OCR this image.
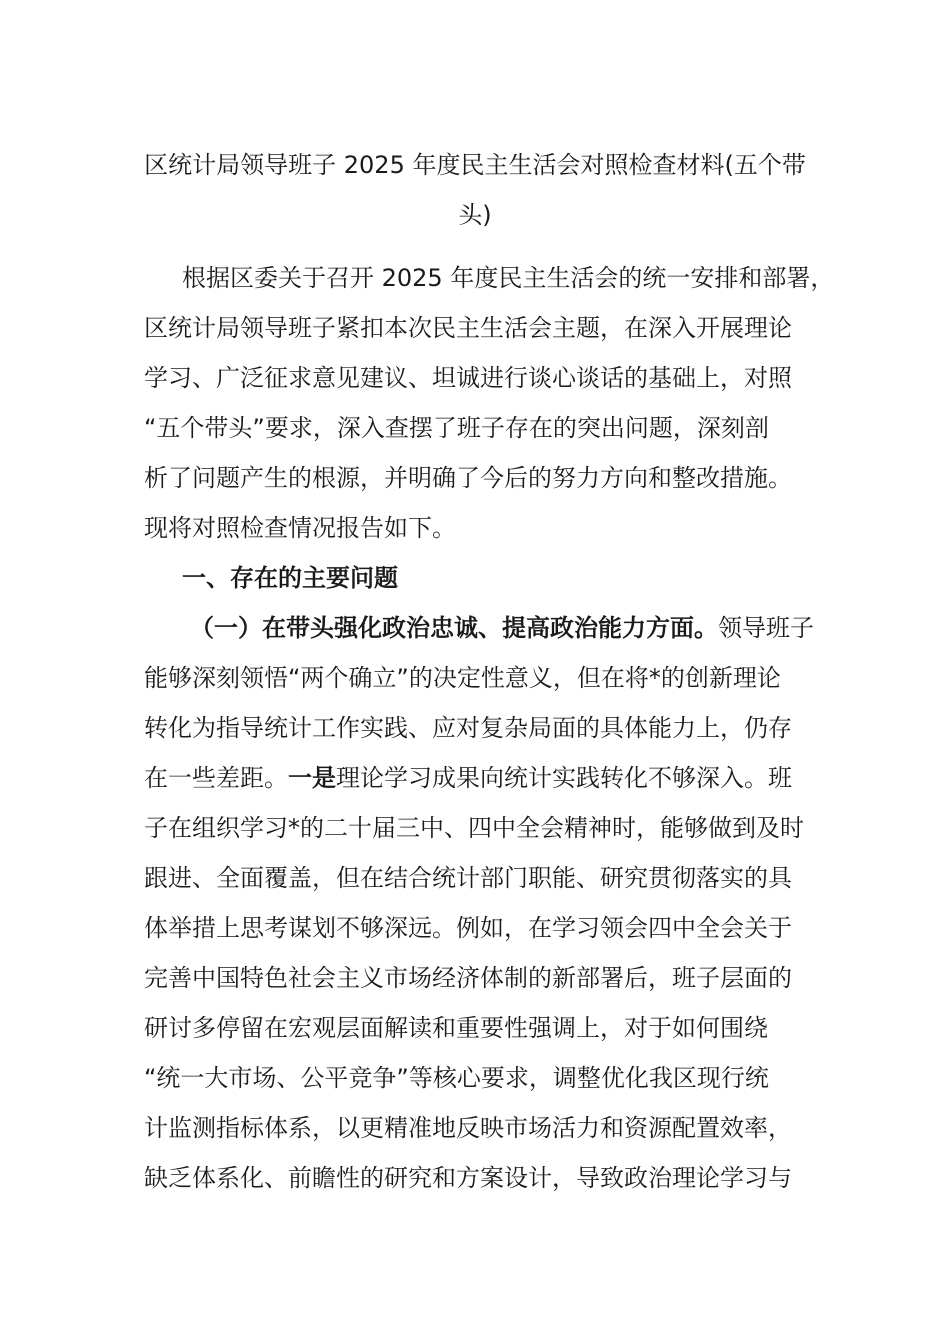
区统计局领导班子 2025 年度民主生活会对照检查材料(五个带
头)
根据区委关于召开 2025 年度民主生活会的统一安排和部署，
区统计局领导班子紧扣本次民主生活会主题，在深入开展理论
学习、广泛征求意见建议、坦诚进行谈心谈话的基础上，对照
“五个带头”要求，深入查摆了班子存在的突出问题，深刻剖
析了问题产生的根源，并明确了今后的努力方向和整改措施。
现将对照检查情况报告如下。
一、存在的主要问题
（一）在带头强化政治忠诚、提高政治能力方面。领导班子
能够深刻领悟“两个确立”的决定性意义，但在将*的创新理论
转化为指导统计工作实践、应对复杂局面的具体能力上，仍存
在一些差距。一是理论学习成果向统计实践转化不够深入。班
子在组织学习*的二十届三中、四中全会精神时，能够做到及时
跟进、全面覆盖，但在结合统计部门职能、研究贯彻落实的具
体举措上思考谋划不够深远。例如，在学习领会四中全会关于
完善中国特色社会主义市场经济体制的新部署后，班子层面的
研讨多停留在宏观层面解读和重要性强调上，对于如何围绕
“统一大市场、公平竞争”等核心要求，调整优化我区现行统
计监测指标体系，以更精准地反映市场活力和资源配置效率，
缺乏体系化、前瞻性的研究和方案设计，导致政治理论学习与
